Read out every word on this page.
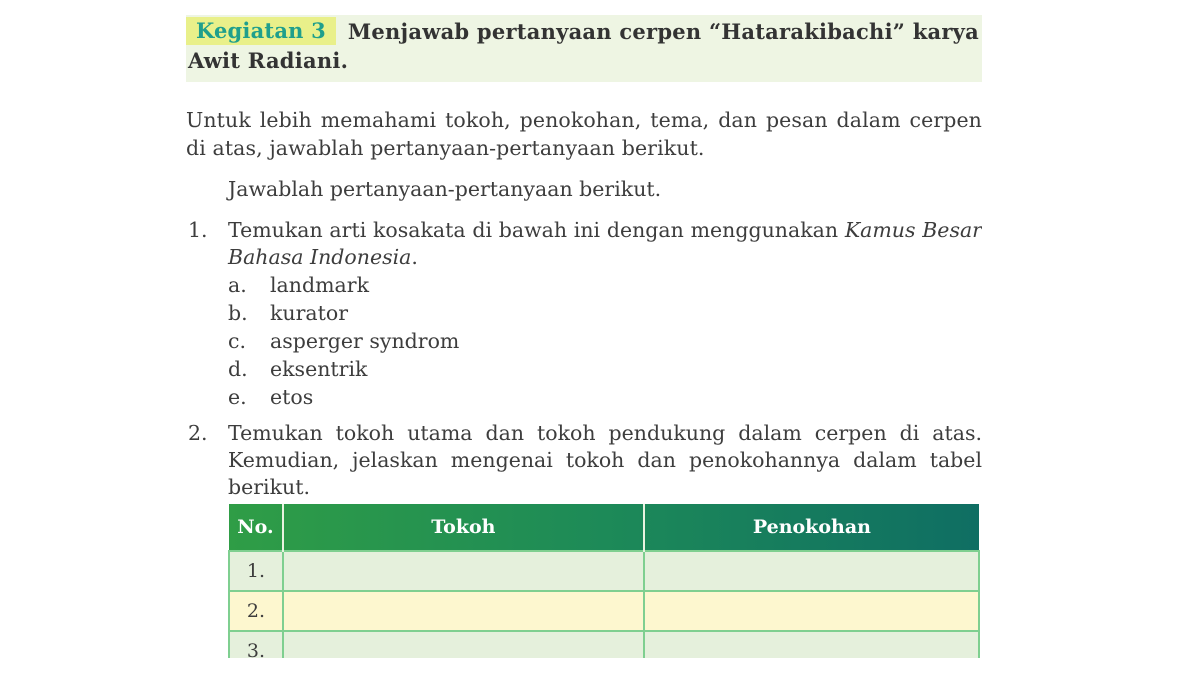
Kegiatan 3	Menjawab pertanyaan cerpen “Hatarakibachi” karya
Awit Radiani.
Untuk lebih memahami tokoh, penokohan, tema, dan pesan dalam cerpen di atas, jawablah pertanyaan-pertanyaan berikut.
Jawablah pertanyaan-pertanyaan berikut.
1. Temukan arti kosakata di bawah ini dengan menggunakan Kamus Besar Bahasa Indonesia.
a. landmark
b. kurator
c. asperger syndrom
d. eksentrik
e. etos
2. Temukan tokoh utama dan tokoh pendukung dalam cerpen di atas. Kemudian, jelaskan mengenai tokoh dan penokohannya dalam tabel berikut.
No.	Tokoh	Penokohan
1.		
2.		
3.		
